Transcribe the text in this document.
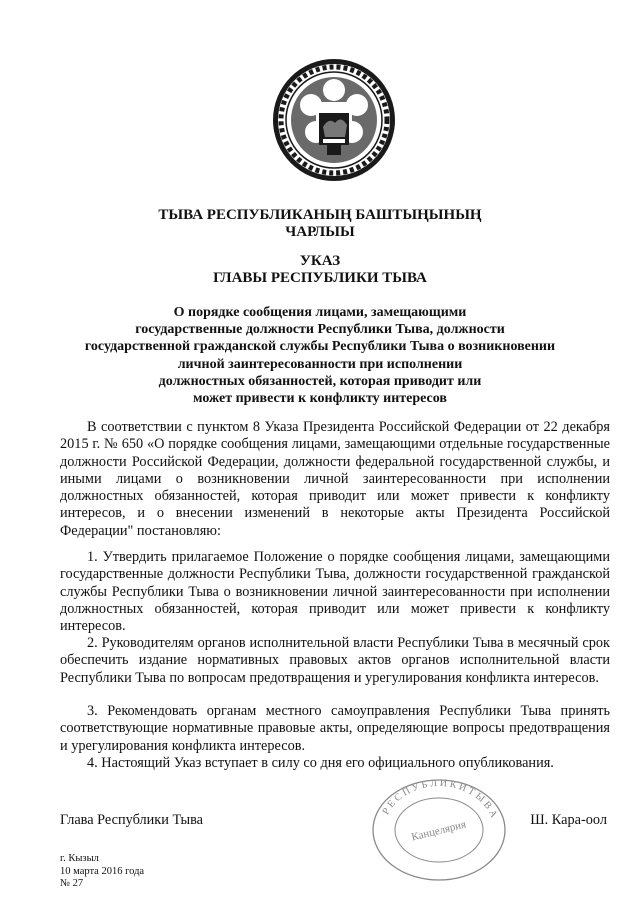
ТЫВА РЕСПУБЛИКАНЫҢ БАШТЫҢЫНЫҢ
ЧАРЛЫЫ
УКАЗ
ГЛАВЫ РЕСПУБЛИКИ ТЫВА
О порядке сообщения лицами, замещающими
государственные должности Республики Тыва, должности
государственной гражданской службы Республики Тыва о возникновении
личной заинтересованности при исполнении
должностных обязанностей, которая приводит или
может привести к конфликту интересов

В соответствии с пунктом 8 Указа Президента Российской Федерации от 22 декабря 2015 г. № 650 «О порядке сообщения лицами, замещающими отдельные государственные должности Российской Федерации, должности федеральной государственной службы, и иными лицами о возникновении личной заинтересованности при исполнении должностных обязанностей, которая приводит или может привести к конфликту интересов, и о внесении изменений в некоторые акты Президента Российской Федерации" постановляю:

1. Утвердить прилагаемое Положение о порядке сообщения лицами, замещающими государственные должности Республики Тыва, должности государственной гражданской службы Республики Тыва о возникновении личной заинтересованности при исполнении должностных обязанностей, которая приводит или может привести к конфликту интересов.

2. Руководителям органов исполнительной власти Республики Тыва в месячный срок обеспечить издание нормативных правовых актов органов исполнительной власти Республики Тыва по вопросам предотвращения и урегулирования конфликта интересов.

3. Рекомендовать органам местного самоуправления Республики Тыва принять соответствующие нормативные правовые акты, определяющие вопросы предотвращения и урегулирования конфликта интересов.

4. Настоящий Указ вступает в силу со дня его официального опубликования.

Р Е С П У Б Л И К И Т Ы В А
Канцелярия
Глава Республики Тыва	Ш. Кара-оол
г. Кызыл
10 марта 2016 года
№ 27
